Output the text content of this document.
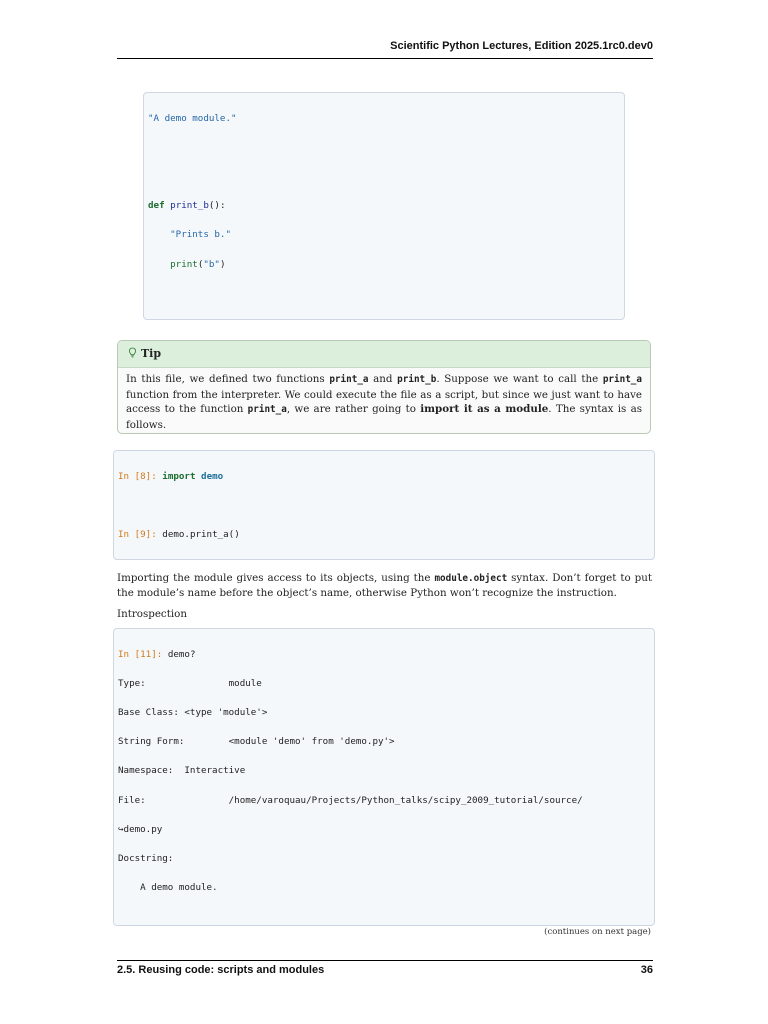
Scientific Python Lectures, Edition 2025.1rc0.dev0

"A demo module."

def print_b():

"Prints b."

print("b")

Tip
In this file, we defined two functions print_a and print_b. Suppose we want to call the print_a function from the interpreter. We could execute the file as a script, but since we just want to have access to the function print_a, we are rather going to import it as a module. The syntax is as follows.

In [8]: import demo

In [9]: demo.print_a()

Importing the module gives access to its objects, using the module.object syntax. Don’t forget to put the module’s name before the object’s name, otherwise Python won’t recognize the instruction.
Introspection

In [11]: demo?

Type:               module

Base Class: <type 'module'>

String Form:        <module 'demo' from 'demo.py'>

Namespace:  Interactive

File:               /home/varoquau/Projects/Python_talks/scipy_2009_tutorial/source/

↪demo.py

Docstring:

A demo module.

(continues on next page)
2.5. Reusing code: scripts and modules	36
